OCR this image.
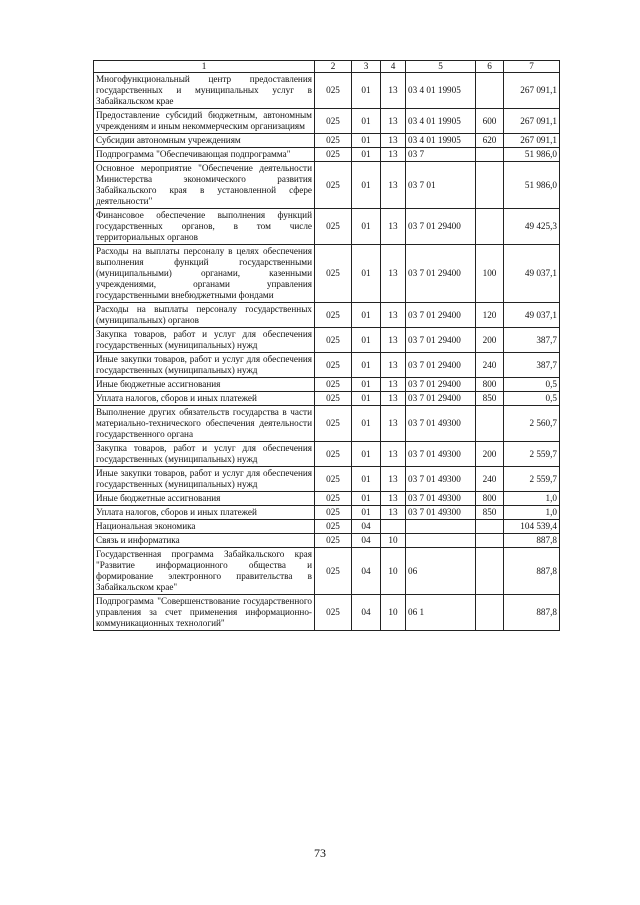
1	2	3	4	5	6	7
Многофункциональный центр предоставления государственных и муниципальных услуг в Забайкальском крае	025	01	13	03 4 01 19905		267 091,1
Предоставление субсидий бюджетным, автономным учреждениям и иным некоммерческим организациям	025	01	13	03 4 01 19905	600	267 091,1
Субсидии автономным учреждениям	025	01	13	03 4 01 19905	620	267 091,1
Подпрограмма "Обеспечивающая подпрограмма"	025	01	13	03 7		51 986,0
Основное мероприятие "Обеспечение деятельности Министерства экономического развития Забайкальского края в установленной сфере деятельности"	025	01	13	03 7 01		51 986,0
Финансовое обеспечение выполнения функций государственных органов, в том числе территориальных органов	025	01	13	03 7 01 29400		49 425,3
Расходы на выплаты персоналу в целях обеспечения выполнения функций государственными (муниципальными) органами, казенными учреждениями, органами управления государственными внебюджетными фондами	025	01	13	03 7 01 29400	100	49 037,1
Расходы на выплаты персоналу государственных (муниципальных) органов	025	01	13	03 7 01 29400	120	49 037,1
Закупка товаров, работ и услуг для обеспечения государственных (муниципальных) нужд	025	01	13	03 7 01 29400	200	387,7
Иные закупки товаров, работ и услуг для обеспечения государственных (муниципальных) нужд	025	01	13	03 7 01 29400	240	387,7
Иные бюджетные ассигнования	025	01	13	03 7 01 29400	800	0,5
Уплата налогов, сборов и иных платежей	025	01	13	03 7 01 29400	850	0,5
Выполнение других обязательств государства в части материально-технического обеспечения деятельности государственного органа	025	01	13	03 7 01 49300		2 560,7
Закупка товаров, работ и услуг для обеспечения государственных (муниципальных) нужд	025	01	13	03 7 01 49300	200	2 559,7
Иные закупки товаров, работ и услуг для обеспечения государственных (муниципальных) нужд	025	01	13	03 7 01 49300	240	2 559,7
Иные бюджетные ассигнования	025	01	13	03 7 01 49300	800	1,0
Уплата налогов, сборов и иных платежей	025	01	13	03 7 01 49300	850	1,0
Национальная экономика	025	04				104 539,4
Связь и информатика	025	04	10			887,8
Государственная программа Забайкальского края "Развитие информационного общества и формирование электронного правительства в Забайкальском крае"	025	04	10	06		887,8
Подпрограмма "Совершенствование государственного управления за счет применения информационно-коммуникационных технологий"	025	04	10	06 1		887,8
73
